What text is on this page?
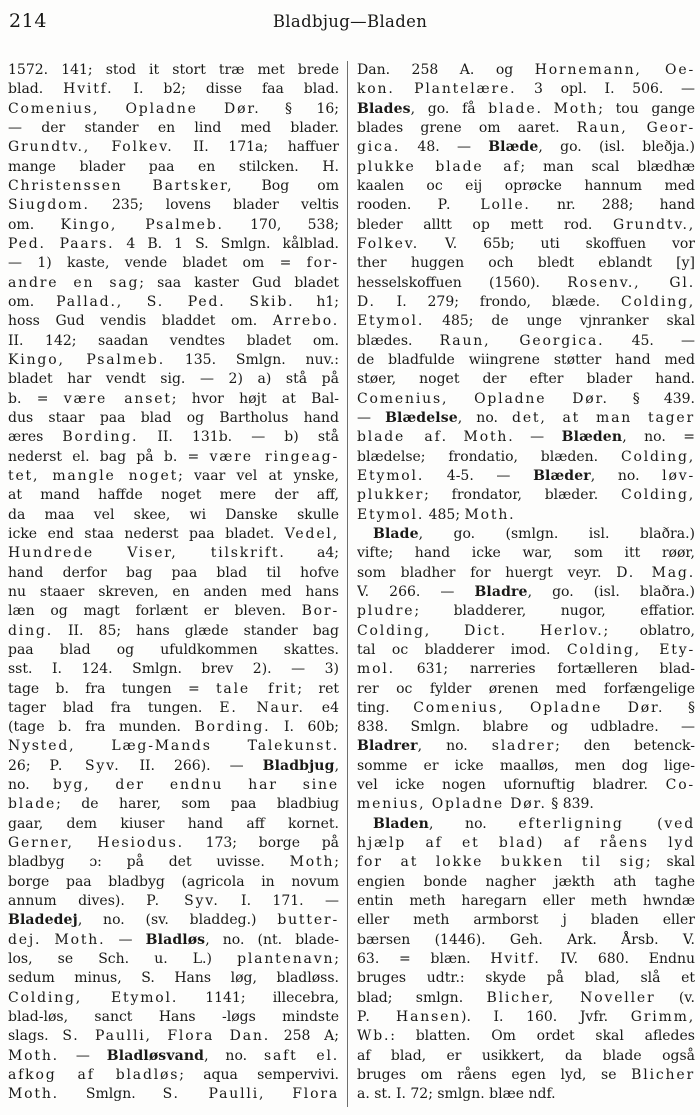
214	Bladbjug—Bladen
1572. 141; stod it stort træ met brede
blad. Hvitf. I. b2; disse faa blad.
Comenius, Opladne Dør. § 16;
— der stander en lind med blader.
Grundtv., Folkev. II. 171a; haffuer
mange blader paa en stilcken. H.
Christenssen Bartsker, Bog om
Siugdom. 235; lovens blader veltis
om. Kingo, Psalmeb. 170, 538;
Ped. Paars. 4 B. 1 S. Smlgn. kålblad.
— 1) kaste, vende bladet om = for-
andre en sag; saa kaster Gud bladet
om. Pallad., S. Ped. Skib. h1;
hoss Gud vendis bladdet om. Arrebo.
II. 142; saadan vendtes bladet om.
Kingo, Psalmeb. 135. Smlgn. nuv.:
bladet har vendt sig. — 2) a) stå på
b. = være anset; hvor højt at Bal-
dus staar paa blad og Bartholus hand
æres Bording. II. 131b. — b) stå
nederst el. bag på b. = være ringeag-
tet, mangle noget; vaar vel at ynske,
at mand haffde noget mere der aff,
da maa vel skee, wi Danske skulle
icke end staa nederst paa bladet. Vedel,
Hundrede Viser, tilskrift. a4;
hand derfor bag paa blad til hofve
nu staaer skreven, en anden med hans
læn og magt forlænt er bleven. Bor-
ding. II. 85; hans glæde stander bag
paa blad og ufuldkommen skattes.
sst. I. 124. Smlgn. brev 2). — 3)
tage b. fra tungen = tale frit; ret
tager blad fra tungen. E. Naur. e4
(tage b. fra munden. Bording. I. 60b;
Nysted, Læg-Mands Talekunst.
26; P. Syv. II. 266). — Bladbjug,
no. byg, der endnu har sine
blade; de harer, som paa bladbiug
gaar, dem kiuser hand aff kornet.
Gerner, Hesiodus. 173; borge på
bladbyg ɔ: på det uvisse. Moth;
borge paa bladbyg (agricola in novum
annum dives). P. Syv. I. 171. —
Bladedej, no. (sv. bladdeg.) butter-
dej. Moth. — Bladløs, no. (nt. blade-
los, se Sch. u. L.) plantenavn;
sedum minus, S. Hans løg, bladløss.
Colding, Etymol. 1141; illecebra,
blad-løs, sanct Hans -løgs mindste
slags. S. Paulli, Flora Dan. 258 A;
Moth. — Bladløsvand, no. saft el.
afkog af bladløs; aqua sempervivi.
Moth. Smlgn. S. Paulli, Flora
Dan. 258 A. og Hornemann, Oe-
kon. Plantelære. 3 opl. I. 506. —
Blades, go. få blade. Moth; tou gange
blades grene om aaret. Raun, Geor-
gica. 48. — Blæde, go. (isl. bleðja.)
plukke blade af; man scal blædhæ
kaalen oc eij oprøcke hannum med
rooden. P. Lolle. nr. 288; hand
bleder alltt op mett rod. Grundtv.,
Folkev. V. 65b; uti skoffuen vor
ther huggen och bledt eblandt [y]
hesselskoffuen (1560). Rosenv., Gl.
D. I. 279; frondo, blæde. Colding,
Etymol. 485; de unge vjnranker skal
blædes. Raun, Georgica. 45. —
de bladfulde wiingrene støtter hand med
støer, noget der efter blader hand.
Comenius, Opladne Dør. § 439.
— Blædelse, no. det, at man tager
blade af. Moth. — Blæden, no. =
blædelse; frondatio, blæden. Colding,
Etymol. 4-5. — Blæder, no. løv-
plukker; frondator, blæder. Colding,
Etymol. 485; Moth.
Blade, go. (smlgn. isl. blaðra.)
vifte; hand icke war, som itt røør,
som bladher for huergt veyr. D. Mag.
V. 266. — Bladre, go. (isl. blaðra.)
pludre; bladderer, nugor, effatior.
Colding, Dict. Herlov.; oblatro,
tal oc bladderer imod. Colding, Ety-
mol. 631; narreries fortælleren blad-
rer oc fylder ørenen med forfængelige
ting. Comenius, Opladne Dør. §
838. Smlgn. blabre og udbladre. —
Bladrer, no. sladrer; den betenck-
somme er icke maalløs, men dog lige-
vel icke nogen ufornuftig bladrer. Co-
menius, Opladne Dør. § 839.
Bladen, no. efterligning (ved
hjælp af et blad) af råens lyd
for at lokke bukken til sig; skal
engien bonde nagher jækth ath taghe
entin meth haregarn eller meth hwndæ
eller meth armborst j bladen eller
bærsen (1446). Geh. Ark. Årsb. V.
63. = blæn. Hvitf. IV. 680. Endnu
bruges udtr.: skyde på blad, slå et
blad; smlgn. Blicher, Noveller (v.
P. Hansen). I. 160. Jvfr. Grimm,
Wb.: blatten. Om ordet skal afledes
af blad, er usikkert, da blade også
bruges om råens egen lyd, se Blicher
a. st. I. 72; smlgn. blæe ndf.
